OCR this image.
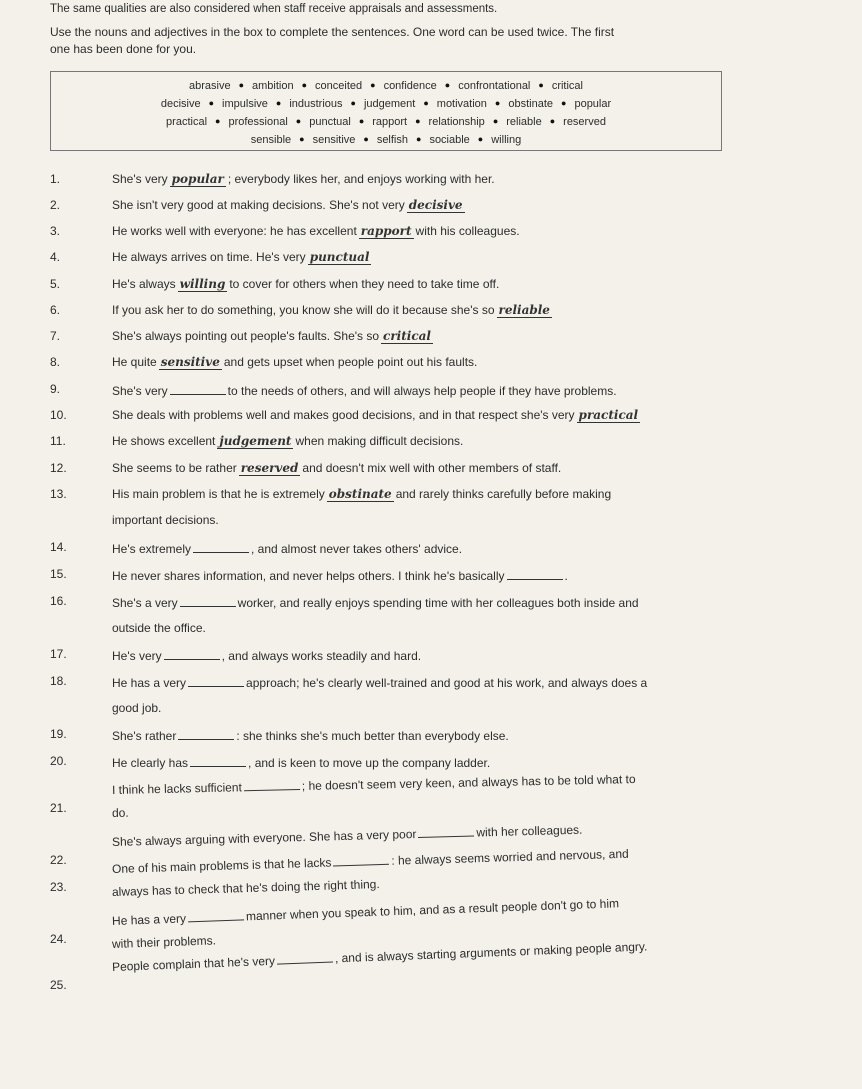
The same qualities are also considered when staff receive appraisals and assessments.
Use the nouns and adjectives in the box to complete the sentences. One word can be used twice. The first
one has been done for you.
abrasive ● ambition ● conceited ● confidence ● confrontational ● critical
decisive ● impulsive ● industrious ● judgement ● motivation ● obstinate ● popular
practical ● professional ● punctual ● rapport ● relationship ● reliable ● reserved
sensible ● sensitive ● selfish ● sociable ● willing
1.	She's very popular ; everybody likes her, and enjoys working with her.
2.	She isn't very good at making decisions. She's not very decisive
3.	He works well with everyone: he has excellent rapport with his colleagues.
4.	He always arrives on time. He's very punctual
5.	He's always willing to cover for others when they need to take time off.
6.	If you ask her to do something, you know she will do it because she's so reliable
7.	She's always pointing out people's faults. She's so critical
8.	He quite sensitive and gets upset when people point out his faults.
9.	She's very	to the needs of others, and will always help people if they have problems.
10.	She deals with problems well and makes good decisions, and in that respect she's very practical
11.	He shows excellent judgement when making difficult decisions.
12.	She seems to be rather reserved and doesn't mix well with other members of staff.
13.	His main problem is that he is extremely obstinate and rarely thinks carefully before making
important decisions.
14.	He's extremely	, and almost never takes others' advice.
15.	He never shares information, and never helps others. I think he's basically	.
16.	She's a very	worker, and really enjoys spending time with her colleagues both inside and
outside the office.
17.	He's very	, and always works steadily and hard.
18.	He has a very	approach; he's clearly well-trained and good at his work, and always does a
good job.
19.	She's rather	: she thinks she's much better than everybody else.
20.	He clearly has	, and is keen to move up the company ladder.
21.
I think he lacks sufficient	; he doesn't seem very keen, and always has to be told what to
do.
22.
She's always arguing with everyone. She has a very poor	with her colleagues.
23.
One of his main problems is that he lacks	: he always seems worried and nervous, and
always has to check that he's doing the right thing.
24.
He has a very	manner when you speak to him, and as a result people don't go to him
with their problems.
25.
People complain that he's very	, and is always starting arguments or making people angry.
